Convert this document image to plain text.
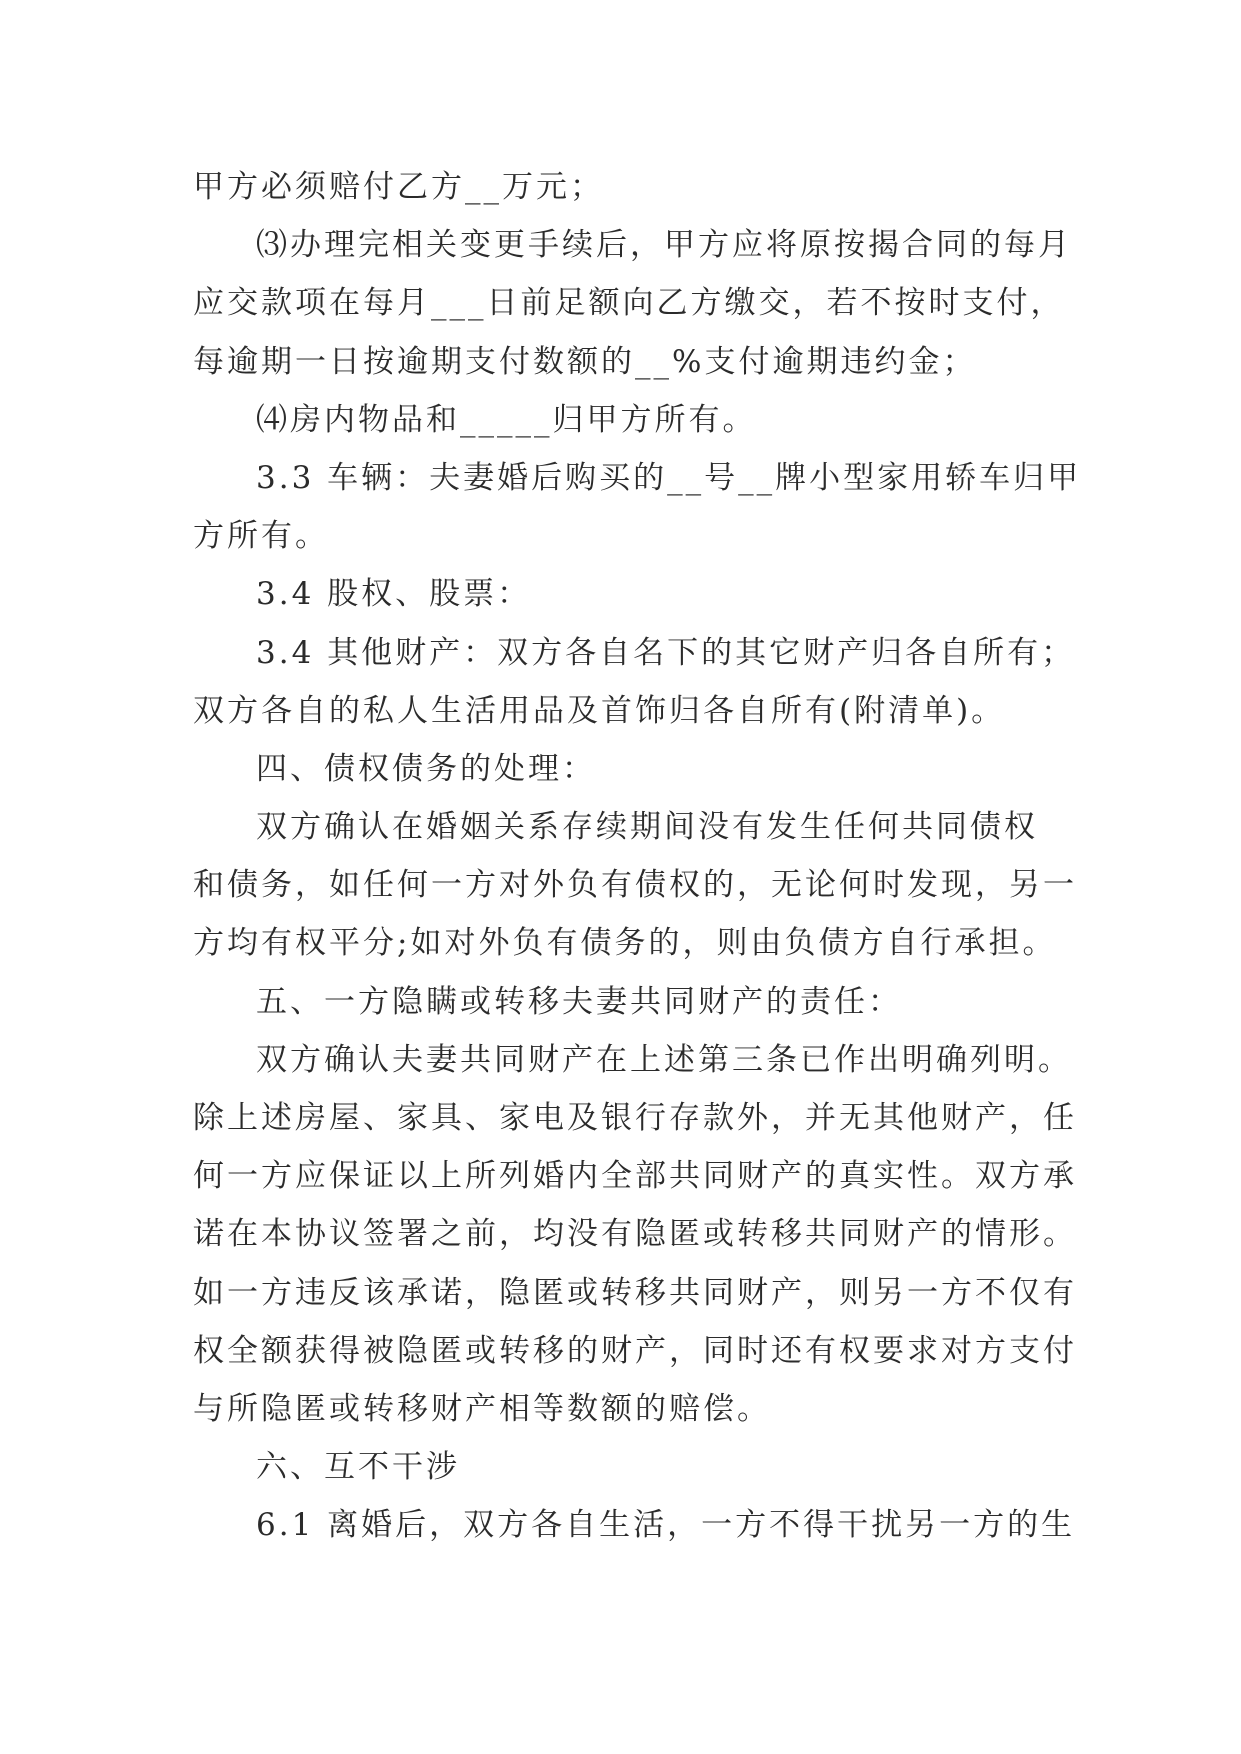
甲方必须赔付乙方__万元；
⑶办理完相关变更手续后，甲方应将原按揭合同的每月
应交款项在每月___日前足额向乙方缴交，若不按时支付，
每逾期一日按逾期支付数额的__%支付逾期违约金；
⑷房内物品和_____归甲方所有。
3.3 车辆：夫妻婚后购买的__号__牌小型家用轿车归甲
方所有。
3.4 股权、股票：
3.4 其他财产：双方各自名下的其它财产归各自所有；
双方各自的私人生活用品及首饰归各自所有(附清单)。
四、债权债务的处理：
双方确认在婚姻关系存续期间没有发生任何共同债权
和债务，如任何一方对外负有债权的，无论何时发现，另一
方均有权平分;如对外负有债务的，则由负债方自行承担。
五、一方隐瞒或转移夫妻共同财产的责任：
双方确认夫妻共同财产在上述第三条已作出明确列明。
除上述房屋、家具、家电及银行存款外，并无其他财产，任
何一方应保证以上所列婚内全部共同财产的真实性。双方承
诺在本协议签署之前，均没有隐匿或转移共同财产的情形。
如一方违反该承诺，隐匿或转移共同财产，则另一方不仅有
权全额获得被隐匿或转移的财产，同时还有权要求对方支付
与所隐匿或转移财产相等数额的赔偿。
六、互不干涉
6.1 离婚后，双方各自生活，一方不得干扰另一方的生
